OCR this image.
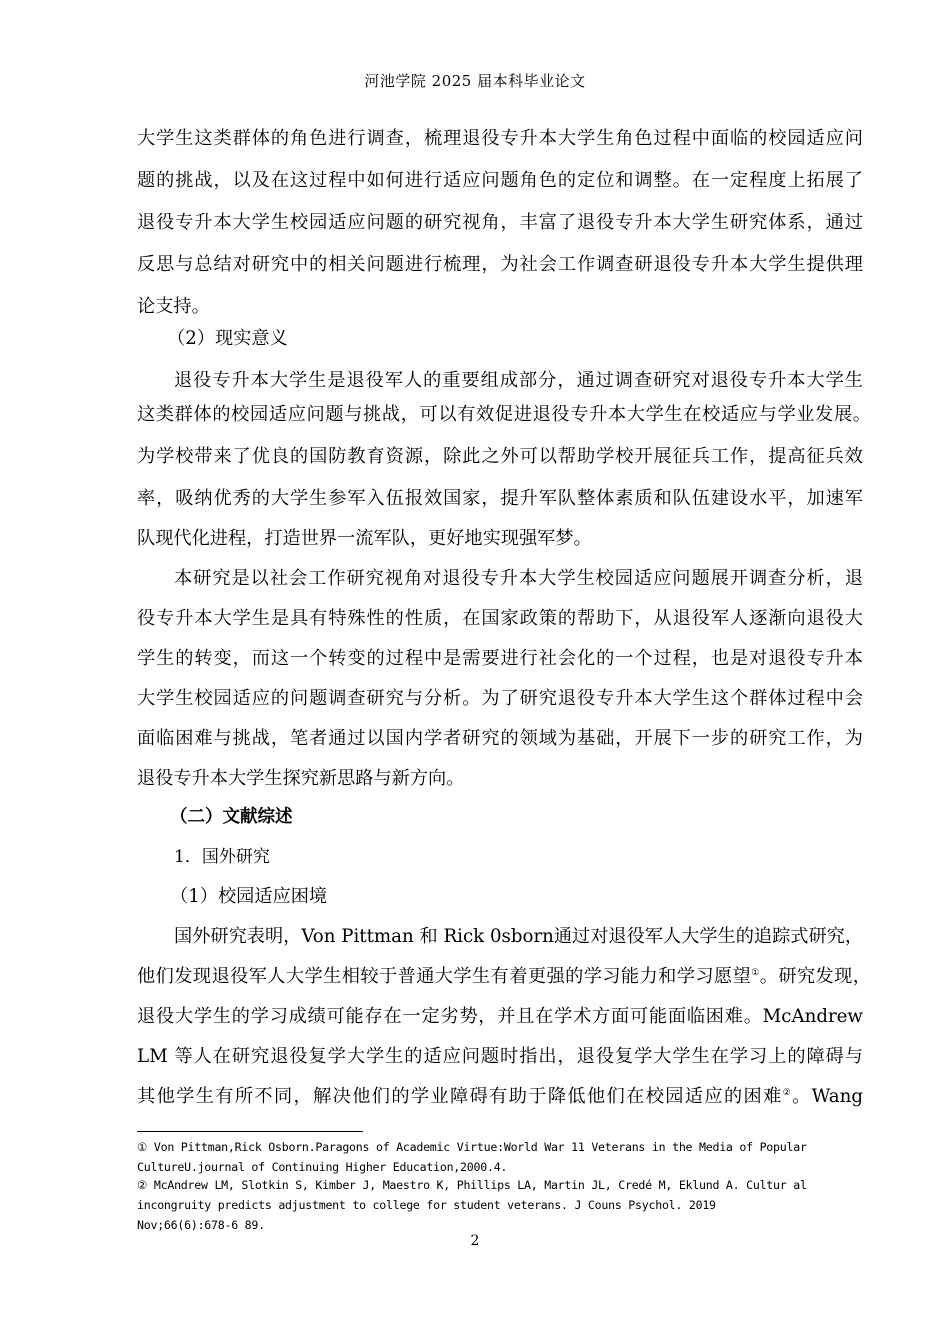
河池学院 2025 届本科毕业论文
大学生这类群体的角色进行调查，梳理退役专升本大学生角色过程中面临的校园适应问
题的挑战，以及在这过程中如何进行适应问题角色的定位和调整。在一定程度上拓展了
退役专升本大学生校园适应问题的研究视角，丰富了退役专升本大学生研究体系，通过
反思与总结对研究中的相关问题进行梳理，为社会工作调查研退役专升本大学生提供理
论支持。
（2）现实意义
退役专升本大学生是退役军人的重要组成部分，通过调查研究对退役专升本大学生
这类群体的校园适应问题与挑战，可以有效促进退役专升本大学生在校适应与学业发展。
为学校带来了优良的国防教育资源，除此之外可以帮助学校开展征兵工作，提高征兵效
率，吸纳优秀的大学生参军入伍报效国家，提升军队整体素质和队伍建设水平，加速军
队现代化进程，打造世界一流军队，更好地实现强军梦。
本研究是以社会工作研究视角对退役专升本大学生校园适应问题展开调查分析，退
役专升本大学生是具有特殊性的性质，在国家政策的帮助下，从退役军人逐渐向退役大
学生的转变，而这一个转变的过程中是需要进行社会化的一个过程，也是对退役专升本
大学生校园适应的问题调查研究与分析。为了研究退役专升本大学生这个群体过程中会
面临困难与挑战，笔者通过以国内学者研究的领域为基础，开展下一步的研究工作，为
退役专升本大学生探究新思路与新方向。
（二）文献综述
1．国外研究
（1）校园适应困境
国外研究表明，Von Pittman 和 Rick 0sborn通过对退役军人大学生的追踪式研究，
他们发现退役军人大学生相较于普通大学生有着更强的学习能力和学习愿望①。研究发现，
退役大学生的学习成绩可能存在一定劣势，并且在学术方面可能面临困难。McAndrew
LM 等人在研究退役复学大学生的适应问题时指出，退役复学大学生在学习上的障碍与
其他学生有所不同，解决他们的学业障碍有助于降低他们在校园适应的困难②。Wang
① Von Pittman,Rick Osborn.Paragons of Academic Virtue:World War 11 Veterans in the Media of Popular
CultureU.journal of Continuing Higher Education,2000.4.
② McAndrew LM, Slotkin S, Kimber J, Maestro K, Phillips LA, Martin JL, Credé M, Eklund A. Cultur al
incongruity predicts adjustment to college for student veterans. J Couns Psychol. 2019
Nov;66(6):678-6 89.
2
